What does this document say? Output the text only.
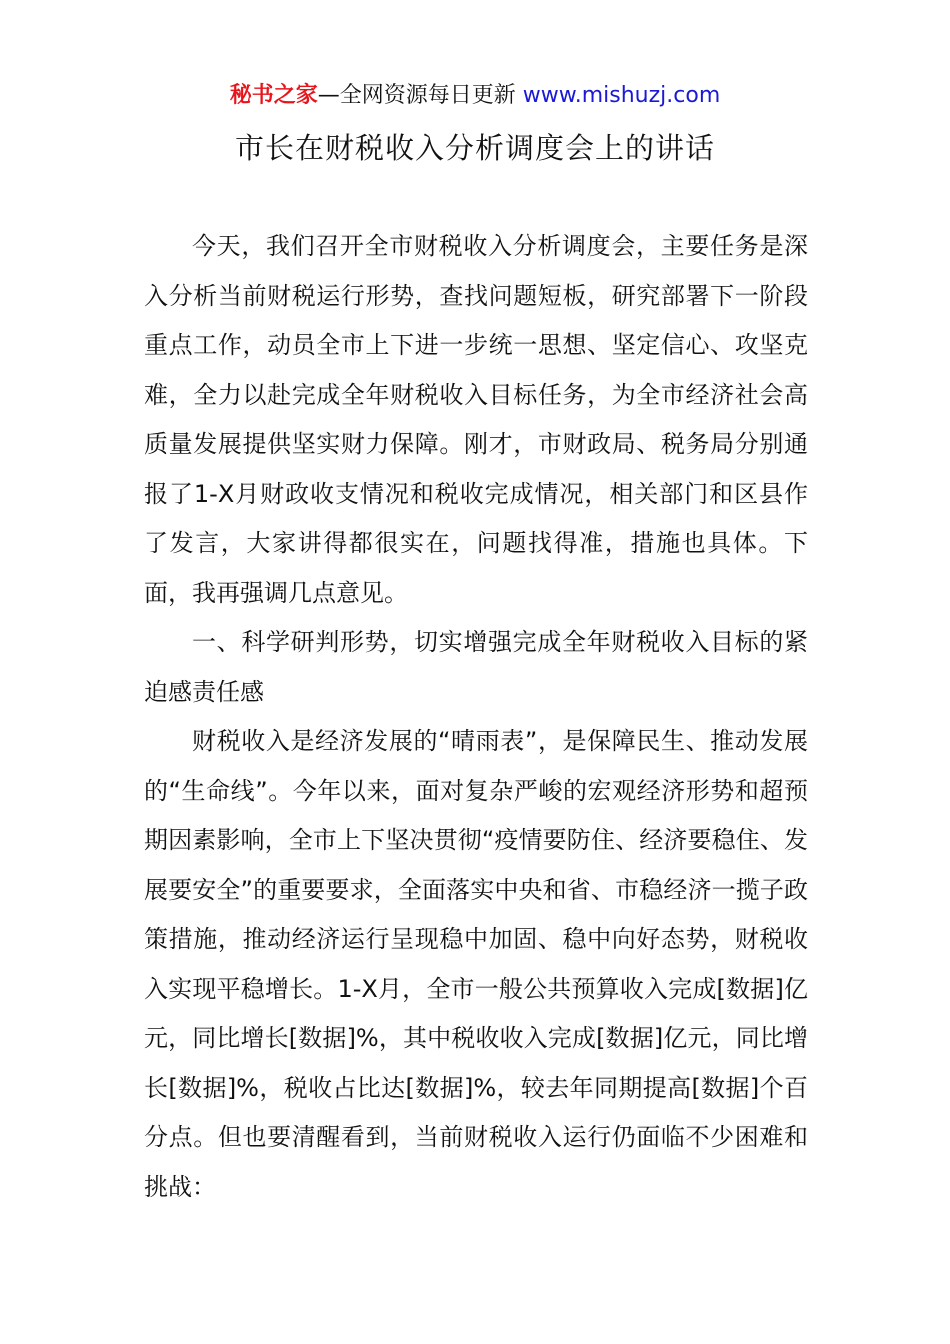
秘书之家—全网资源每日更新 www.mishuzj.com
市长在财税收入分析调度会上的讲话

今天，我们召开全市财税收入分析调度会，主要任务是深入分析当前财税运行形势，查找问题短板，研究部署下一阶段重点工作，动员全市上下进一步统一思想、坚定信心、攻坚克难，全力以赴完成全年财税收入目标任务，为全市经济社会高质量发展提供坚实财力保障。刚才，市财政局、税务局分别通报了1-X月财政收支情况和税收完成情况，相关部门和区县作了发言，大家讲得都很实在，问题找得准，措施也具体。下面，我再强调几点意见。

一、科学研判形势，切实增强完成全年财税收入目标的紧迫感责任感

财税收入是经济发展的“晴雨表”，是保障民生、推动发展的“生命线”。今年以来，面对复杂严峻的宏观经济形势和超预期因素影响，全市上下坚决贯彻“疫情要防住、经济要稳住、发展要安全”的重要要求，全面落实中央和省、市稳经济一揽子政策措施，推动经济运行呈现稳中加固、稳中向好态势，财税收入实现平稳增长。1-X月，全市一般公共预算收入完成[数据]亿元，同比增长[数据]%，其中税收收入完成[数据]亿元，同比增长[数据]%，税收占比达[数据]%，较去年同期提高[数据]个百分点。但也要清醒看到，当前财税收入运行仍面临不少困难和挑战：
